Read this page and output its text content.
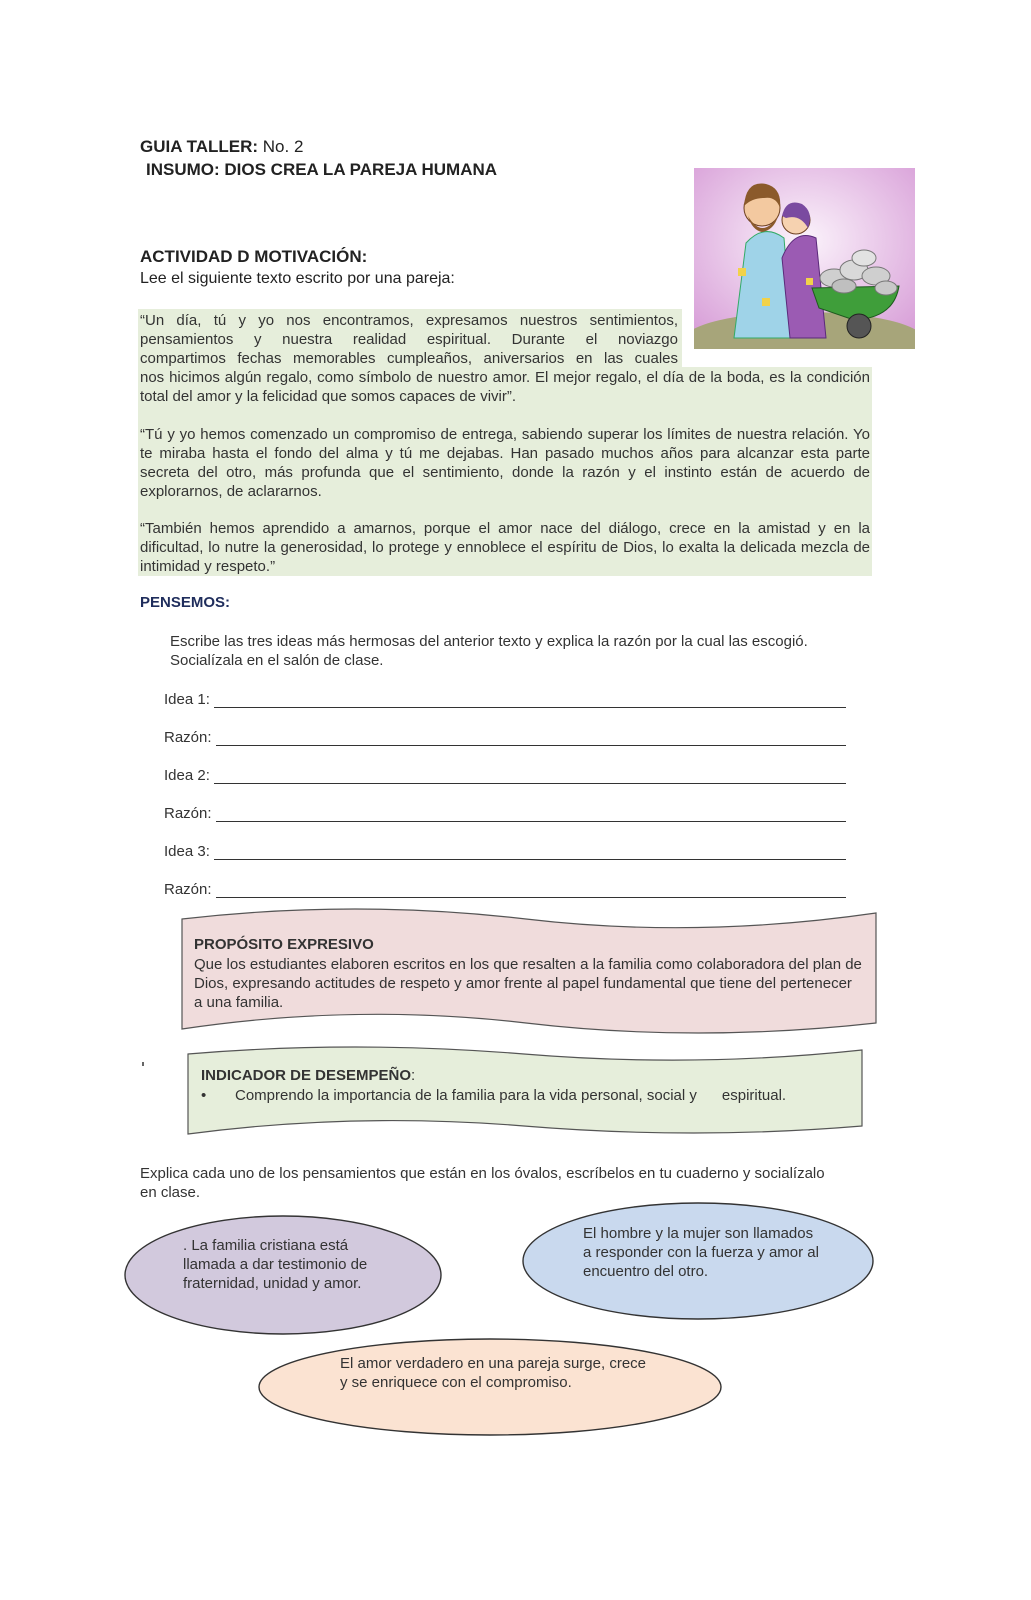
GUIA TALLER: No. 2
INSUMO: DIOS CREA LA PAREJA HUMANA
ACTIVIDAD D MOTIVACIÓN:
Lee el siguiente texto escrito por una pareja:
“Un día, tú y yo nos encontramos, expresamos nuestros sentimientos,
pensamientos y nuestra realidad espiritual. Durante el noviazgo
compartimos fechas memorables cumpleaños, aniversarios en las cuales
nos hicimos algún regalo, como símbolo de nuestro amor. El mejor regalo, el día de la boda, es la condición total del amor y la felicidad que somos capaces de vivir”.
“Tú y yo hemos comenzado un compromiso de entrega, sabiendo superar los límites de nuestra relación. Yo te miraba hasta el fondo del alma y tú me dejabas. Han pasado muchos años para alcanzar esta parte secreta del otro, más profunda que el sentimiento, donde la razón y el instinto están de acuerdo de explorarnos, de aclararnos.
“También hemos aprendido a amarnos, porque el amor nace del diálogo, crece en la amistad y en la dificultad, lo nutre la generosidad, lo protege y ennoblece el espíritu de Dios, lo exalta la delicada mezcla de intimidad y respeto.”
PENSEMOS:
Escribe las tres ideas más hermosas del anterior texto y explica la razón por la cual las escogió. Socialízala en el salón de clase.
Idea 1:
Razón:
Idea 2:
Razón:
Idea 3:
Razón:
PROPÓSITO EXPRESIVO
Que los estudiantes elaboren escritos en los que resalten a la familia como colaboradora del plan de Dios, expresando actitudes de respeto y amor frente al papel fundamental que tiene del pertenecer a una familia.
INDICADOR DE DESEMPEÑO:
• Comprendo la importancia de la familia para la vida personal, social y      espiritual.
Explica cada uno de los pensamientos que están en los óvalos, escríbelos en tu cuaderno y socialízalo en clase.
. La familia cristiana está llamada a dar testimonio de fraternidad, unidad y amor.
El hombre y la mujer son llamados a responder con la fuerza y amor al encuentro del otro.
El amor verdadero en una pareja surge, crece y se enriquece con el compromiso.
